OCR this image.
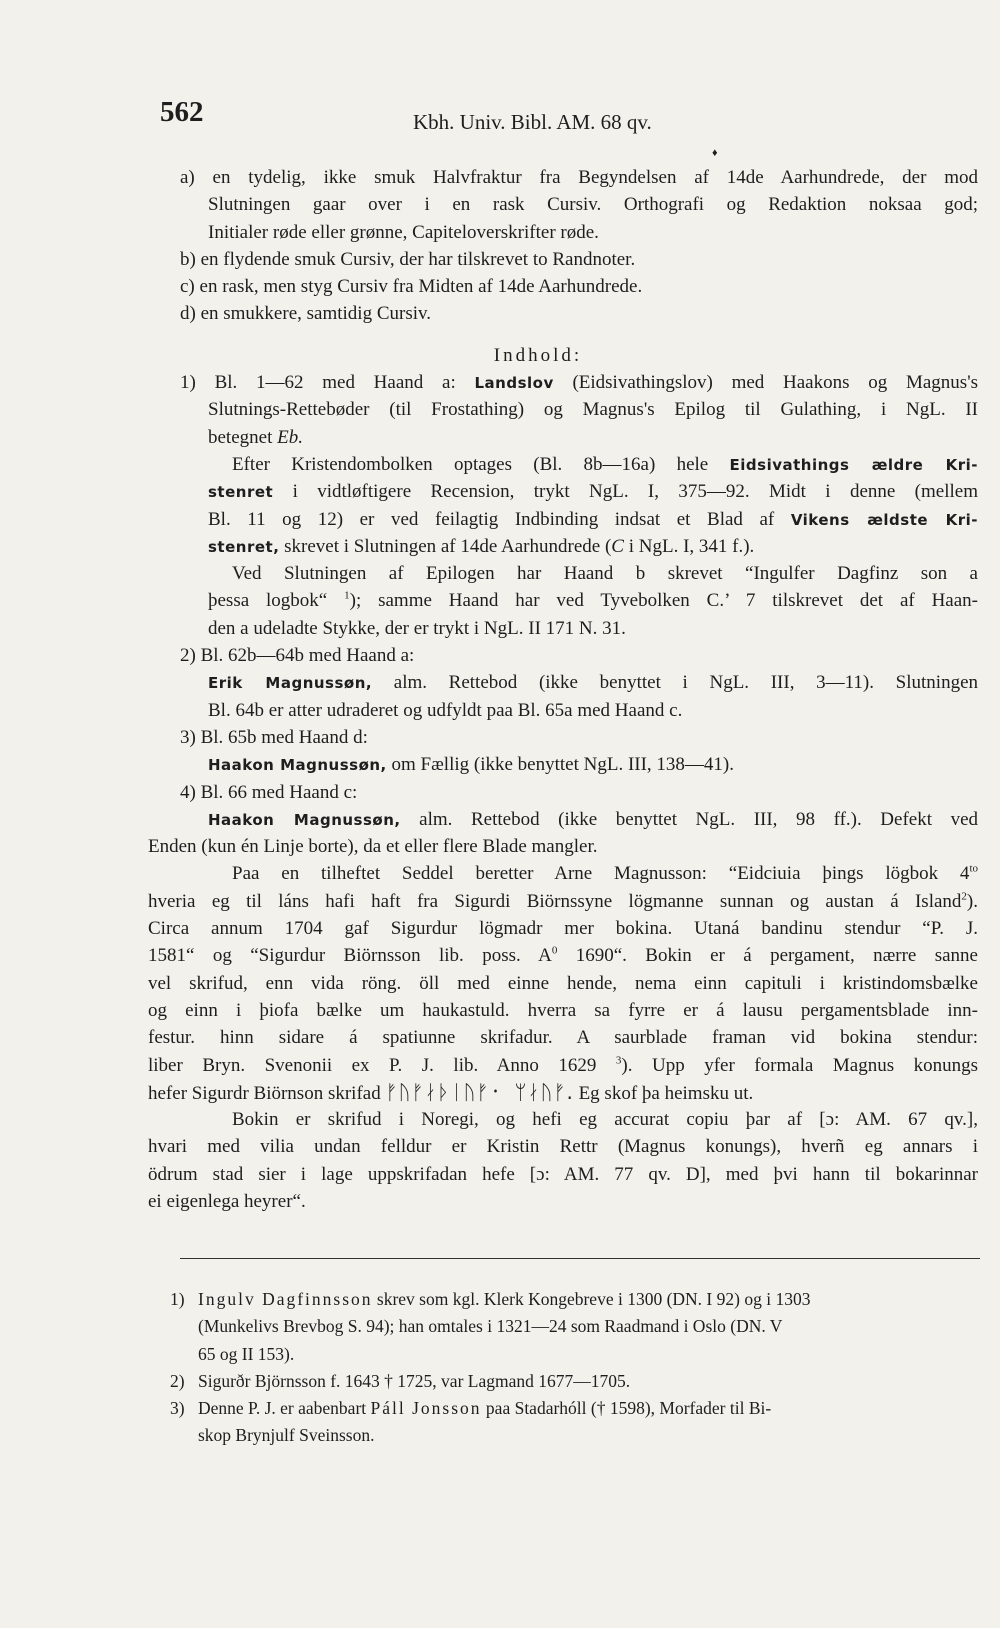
562	Kbh. Univ. Bibl. AM. 68 qv.
♦
a) en tydelig, ikke smuk Halvfraktur fra Begyndelsen af 14de Aarhundrede, der mod
Slutningen gaar over i en rask Cursiv. Orthografi og Redaktion noksaa god;
Initialer røde eller grønne, Capiteloverskrifter røde.
b) en flydende smuk Cursiv, der har tilskrevet to Randnoter.
c) en rask, men styg Cursiv fra Midten af 14de Aarhundrede.
d) en smukkere, samtidig Cursiv.
Indhold:
1) Bl. 1—62 med Haand a: Landslov (Eidsivathingslov) med Haakons og Magnus's
Slutnings-Rettebøder (til Frostathing) og Magnus's Epilog til Gulathing, i NgL. II
betegnet Eb.
Efter Kristendombolken optages (Bl. 8b—16a) hele Eidsivathings ældre Kri-
stenret i vidtløftigere Recension, trykt NgL. I, 375—92. Midt i denne (mellem
Bl. 11 og 12) er ved feilagtig Indbinding indsat et Blad af Vikens ældste Kri-
stenret, skrevet i Slutningen af 14de Aarhundrede (C i NgL. I, 341 f.).
Ved Slutningen af Epilogen har Haand b skrevet “Ingulfer Dagfinz son a
þessa logbok“ $^1$); samme Haand har ved Tyvebolken C.’ 7 tilskrevet det af Haan-
den a udeladte Stykke, der er trykt i NgL. II 171 N. 31.
2) Bl. 62b—64b med Haand a:
Erik Magnussøn, alm. Rettebod (ikke benyttet i NgL. III, 3—11). Slutningen
Bl. 64b er atter udraderet og udfyldt paa Bl. 65a med Haand c.
3) Bl. 65b med Haand d:
Haakon Magnussøn, om Fællig (ikke benyttet NgL. III, 138—41).
4) Bl. 66 med Haand c:
Haakon Magnussøn, alm. Rettebod (ikke benyttet NgL. III, 98 ff.). Defekt ved
Enden (kun én Linje borte), da et eller flere Blade mangler.
Paa en tilheftet Seddel beretter Arne Magnusson: “Eidciuia þings lögbok $4^{to}$
hveria eg til láns hafi haft fra Sigurdi Biörnssyne lögmanne sunnan og austan á Island$^2$).
Circa annum 1704 gaf Sigurdur lögmadr mer bokina. Utaná bandinu stendur “P. J.
1581“ og “Sigurdur Biörnsson lib. poss. $A^0$ 1690“. Bokin er á pergament, nærre sanne
vel skrifud, enn vida röng. öll med einne hende, nema einn capituli i kristindomsbælke
og einn i þiofa bælke um haukastuld. hverra sa fyrre er á lausu pergamentsblade inn-
festur. hinn sidare á spatiunne skrifadur. A saurblade framan vid bokina stendur:
liber Bryn. Svenonii ex P. J. lib. Anno 1629 $^3$). Upp yfer formala Magnus konungs
hefer Sigurdr Biörnson skrifad ᚠᚢᚠᛅᚦᛁᚢᚠ᛫ ᛘᛅᚢᚠ. Eg skof þa heimsku ut.
Bokin er skrifud i Noregi, og hefi eg accurat copiu þar af [ɔ: AM. 67 qv.],
hvari med vilia undan felldur er Kristin Rettr (Magnus konungs), hverñ eg annars i
ödrum stad sier i lage uppskrifadan hefe [ɔ: AM. 77 qv. D], med þvi hann til bokarinnar
ei eigenlega heyrer“.
1) Ingulv Dagfinnsson skrev som kgl. Klerk Kongebreve i 1300 (DN. I 92) og i 1303
(Munkelivs Brevbog S. 94); han omtales i 1321—24 som Raadmand i Oslo (DN. V
65 og II 153).
2) Sigurðr Björnsson f. 1643 † 1725, var Lagmand 1677—1705.
3) Denne P. J. er aabenbart Páll Jonsson paa Stadarhóll († 1598), Morfader til Bi-
skop Brynjulf Sveinsson.
